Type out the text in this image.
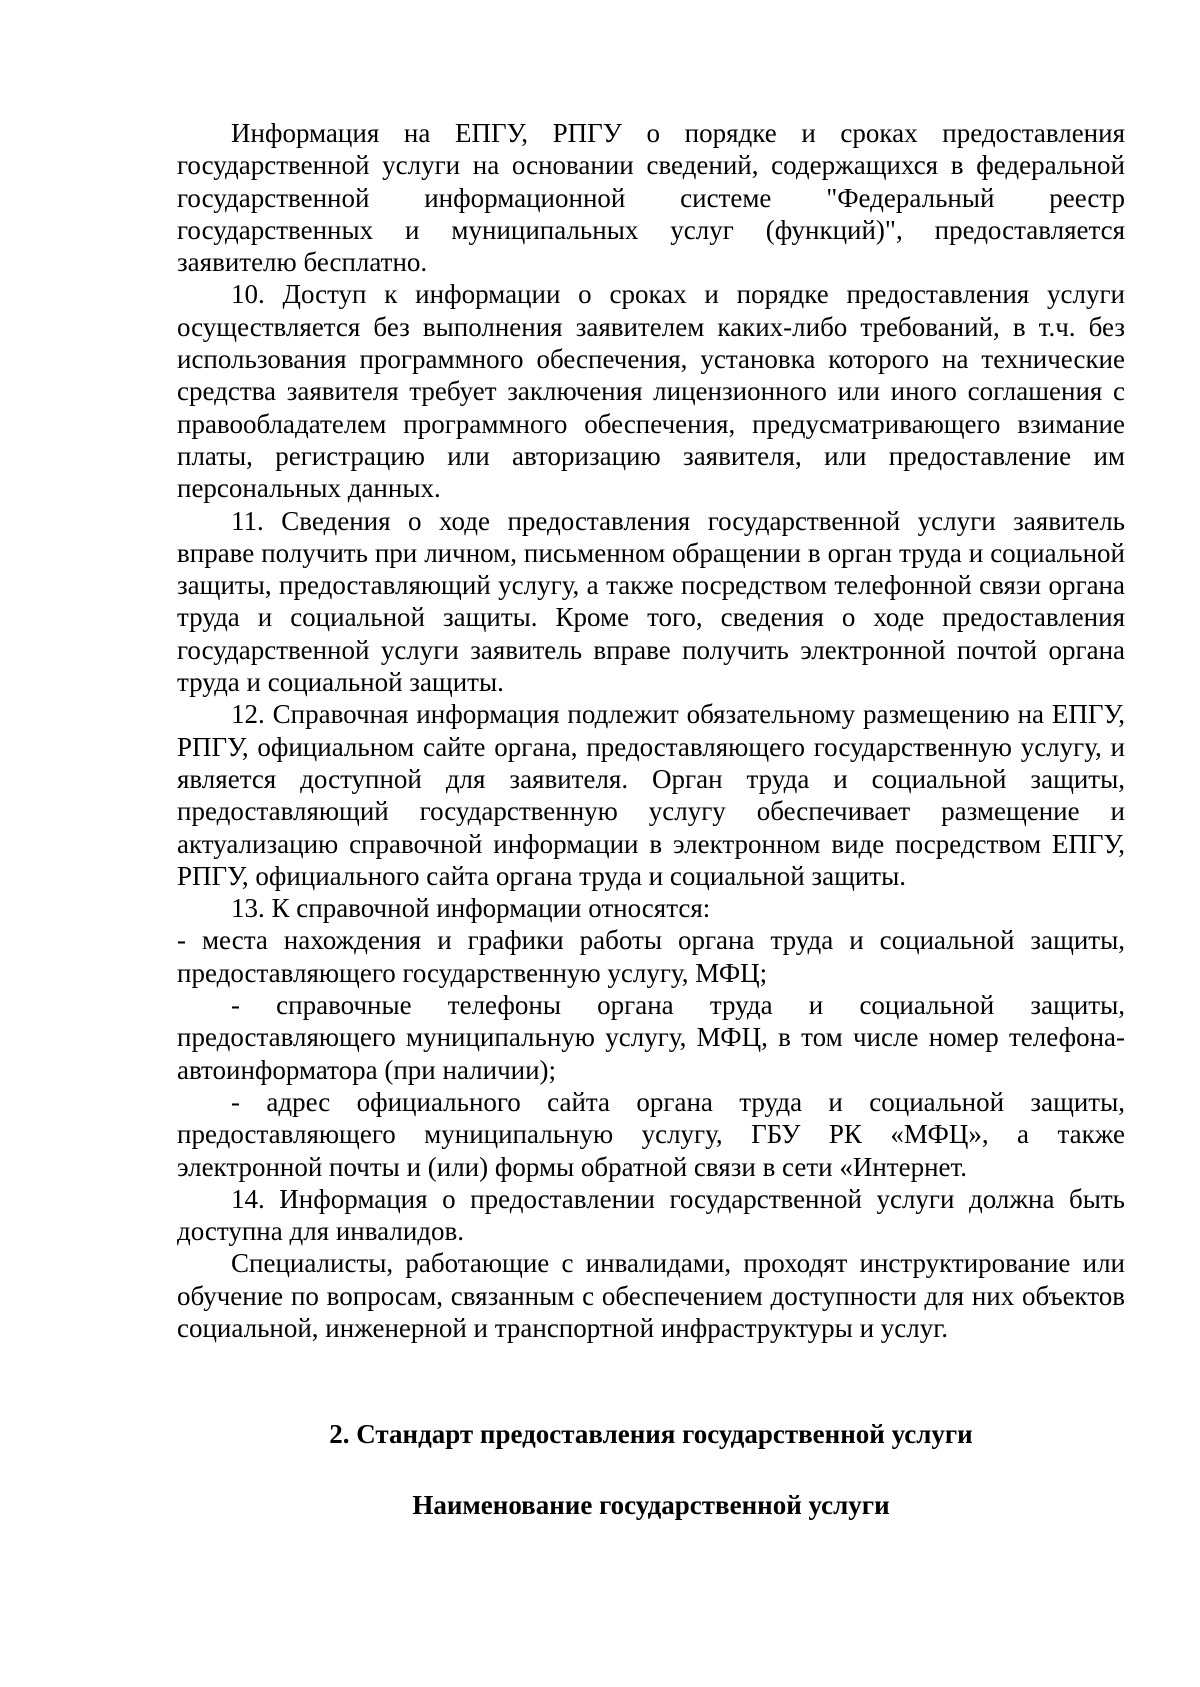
Информация на ЕПГУ, РПГУ о порядке и сроках предоставления государственной услуги на основании сведений, содержащихся в федеральной государственной информационной системе "Федеральный реестр государственных и муниципальных услуг (функций)", предоставляется заявителю бесплатно.

10. Доступ к информации о сроках и порядке предоставления услуги осуществляется без выполнения заявителем каких-либо требований, в т.ч. без использования программного обеспечения, установка которого на технические средства заявителя требует заключения лицензионного или иного соглашения с правообладателем программного обеспечения, предусматривающего взимание платы, регистрацию или авторизацию заявителя, или предоставление им персональных данных.

11. Сведения о ходе предоставления государственной услуги заявитель вправе получить при личном, письменном обращении в орган труда и социальной защиты, предоставляющий услугу, а также посредством телефонной связи органа труда и социальной защиты. Кроме того, сведения о ходе предоставления государственной услуги заявитель вправе получить электронной почтой органа труда и социальной защиты.

12. Справочная информация подлежит обязательному размещению на ЕПГУ, РПГУ, официальном сайте органа, предоставляющего государственную услугу, и является доступной для заявителя. Орган труда и социальной защиты, предоставляющий государственную услугу обеспечивает размещение и актуализацию справочной информации в электронном виде посредством ЕПГУ, РПГУ, официального сайта органа труда и социальной защиты.

13. К справочной информации относятся:

- места нахождения и графики работы органа труда и социальной защиты, предоставляющего государственную услугу, МФЦ;

- справочные телефоны органа труда и социальной защиты, предоставляющего муниципальную услугу, МФЦ, в том числе номер телефона-автоинформатора (при наличии);

- адрес официального сайта органа труда и социальной защиты, предоставляющего муниципальную услугу, ГБУ РК «МФЦ», а также электронной почты и (или) формы обратной связи в сети «Интернет.

14. Информация о предоставлении государственной услуги должна быть доступна для инвалидов.

Специалисты, работающие с инвалидами, проходят инструктирование или обучение по вопросам, связанным с обеспечением доступности для них объектов социальной, инженерной и транспортной инфраструктуры и услуг.

2. Стандарт предоставления государственной услуги

Наименование государственной услуги
